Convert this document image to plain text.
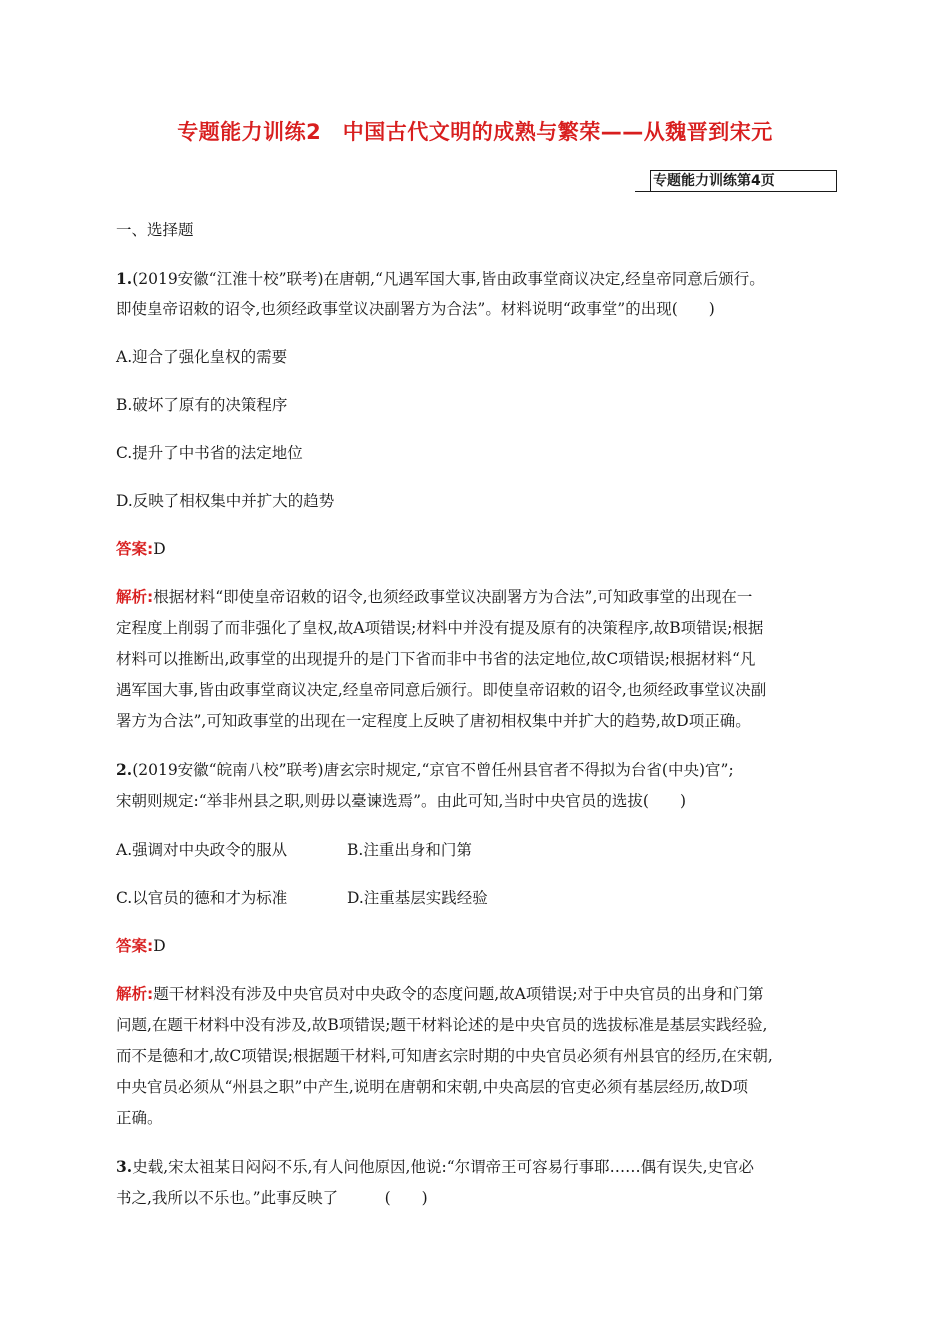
专题能力训练2　中国古代文明的成熟与繁荣——从魏晋到宋元
专题能力训练第4页
一、选择题
1.(2019安徽“江淮十校”联考)在唐朝,“凡遇军国大事,皆由政事堂商议决定,经皇帝同意后颁行。
即使皇帝诏敕的诏令,也须经政事堂议决副署方为合法”。材料说明“政事堂”的出现(　　)
A.迎合了强化皇权的需要
B.破坏了原有的决策程序
C.提升了中书省的法定地位
D.反映了相权集中并扩大的趋势
答案:D
解析:根据材料“即使皇帝诏敕的诏令,也须经政事堂议决副署方为合法”,可知政事堂的出现在一
定程度上削弱了而非强化了皇权,故A项错误;材料中并没有提及原有的决策程序,故B项错误;根据
材料可以推断出,政事堂的出现提升的是门下省而非中书省的法定地位,故C项错误;根据材料“凡
遇军国大事,皆由政事堂商议决定,经皇帝同意后颁行。即使皇帝诏敕的诏令,也须经政事堂议决副
署方为合法”,可知政事堂的出现在一定程度上反映了唐初相权集中并扩大的趋势,故D项正确。
2.(2019安徽“皖南八校”联考)唐玄宗时规定,“京官不曾任州县官者不得拟为台省(中央)官”;
宋朝则规定:“举非州县之职,则毋以臺谏选焉”。由此可知,当时中央官员的选拔(　　)
A.强调对中央政令的服从	B.注重出身和门第
C.以官员的德和才为标准	D.注重基层实践经验
答案:D
解析:题干材料没有涉及中央官员对中央政令的态度问题,故A项错误;对于中央官员的出身和门第
问题,在题干材料中没有涉及,故B项错误;题干材料论述的是中央官员的选拔标准是基层实践经验,
而不是德和才,故C项错误;根据题干材料,可知唐玄宗时期的中央官员必须有州县官的经历,在宋朝,
中央官员必须从“州县之职”中产生,说明在唐朝和宋朝,中央高层的官吏必须有基层经历,故D项
正确。
3.史载,宋太祖某日闷闷不乐,有人问他原因,他说:“尔谓帝王可容易行事耶……偶有误失,史官必
书之,我所以不乐也。”此事反映了　　　(　　)
